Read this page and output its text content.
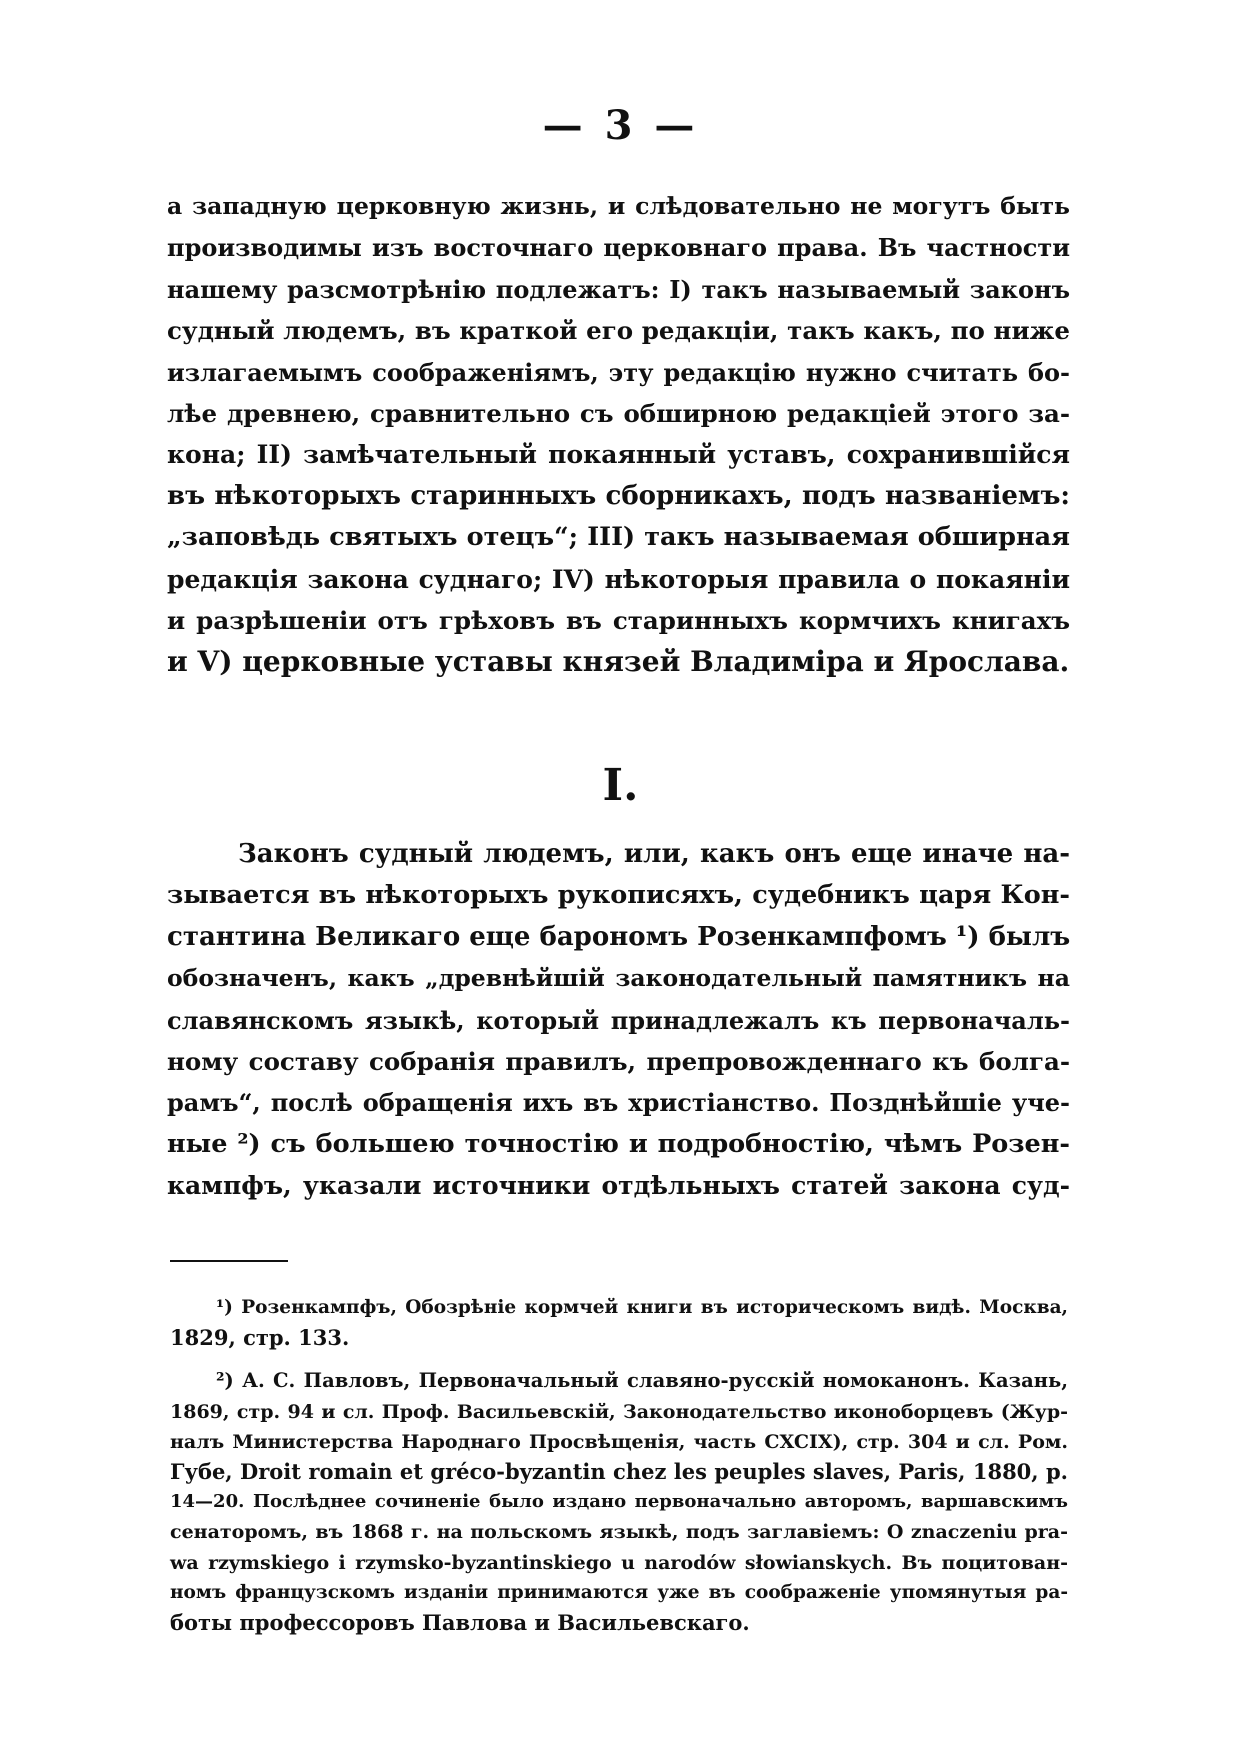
— 3 —
а западную церковную жизнь, и слѣдовательно не могутъ быть
производимы изъ восточнаго церковнаго права. Въ частности
нашему разсмотрѣнію подлежатъ: I) такъ называемый законъ
судный людемъ, въ краткой его редакціи, такъ какъ, по ниже
излагаемымъ соображеніямъ, эту редакцію нужно считать бо-
лѣе древнею, сравнительно съ обширною редакціей этого за-
кона; II) замѣчательный покаянный уставъ, сохранившійся
въ нѣкоторыхъ старинныхъ сборникахъ, подъ названіемъ:
„заповѣдь святыхъ отецъ“; III) такъ называемая обширная
редакція закона суднаго; IV) нѣкоторыя правила о покаяніи
и разрѣшеніи отъ грѣховъ въ старинныхъ кормчихъ книгахъ
и V) церковные уставы князей Владиміра и Ярослава.
I.
Законъ судный людемъ, или, какъ онъ еще иначе на-
зывается въ нѣкоторыхъ рукописяхъ, судебникъ царя Кон-
стантина Великаго еще барономъ Розенкампфомъ ¹) былъ
обозначенъ, какъ „древнѣйшій законодательный памятникъ на
славянскомъ языкѣ, который принадлежалъ къ первоначаль-
ному составу собранія правилъ, препровожденнаго къ болга-
рамъ“, послѣ обращенія ихъ въ христіанство. Позднѣйшіе уче-
ные ²) съ большею точностію и подробностію, чѣмъ Розен-
кампфъ, указали источники отдѣльныхъ статей закона суд-
¹) Розенкампфъ, Обозрѣніе кормчей книги въ историческомъ видѣ. Москва,
1829, стр. 133.
²) А. С. Павловъ, Первоначальный славяно-русскій номоканонъ. Казань,
1869, стр. 94 и сл. Проф. Васильевскій, Законодательство иконоборцевъ (Жур-
налъ Министерства Народнаго Просвѣщенія, часть CXCIX), стр. 304 и сл. Ром.
Губе, Droit romain et gréco-byzantin chez les peuples slaves, Paris, 1880, p.
14—20. Послѣднее сочиненіе было издано первоначально авторомъ, варшавскимъ
сенаторомъ, въ 1868 г. на польскомъ языкѣ, подъ заглавіемъ: O znaczeniu pra-
wa rzymskiego i rzymsko-byzantinskiego u narodów słowianskych. Въ поцитован-
номъ французскомъ изданіи принимаются уже въ соображеніе упомянутыя ра-
боты профессоровъ Павлова и Васильевскаго.
